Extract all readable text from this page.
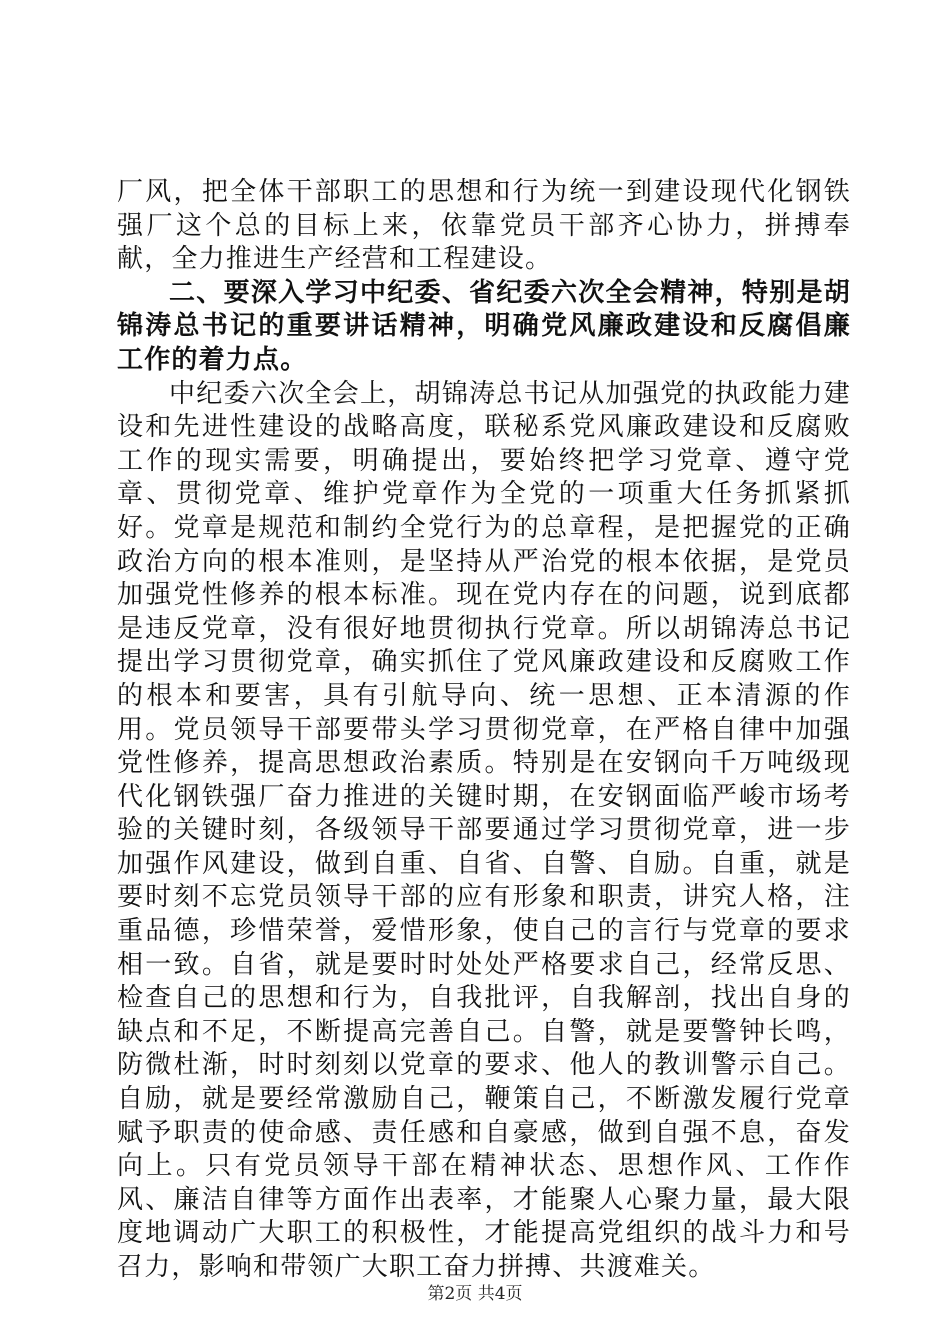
厂风，把全体干部职工的思想和行为统一到建设现代化钢铁强厂这个总的目标上来，依靠党员干部齐心协力，拼搏奉献，全力推进生产经营和工程建设。

二、要深入学习中纪委、省纪委六次全会精神，特别是胡锦涛总书记的重要讲话精神，明确党风廉政建设和反腐倡廉工作的着力点。

中纪委六次全会上，胡锦涛总书记从加强党的执政能力建设和先进性建设的战略高度，联秘系党风廉政建设和反腐败工作的现实需要，明确提出，要始终把学习党章、遵守党章、贯彻党章、维护党章作为全党的一项重大任务抓紧抓好。党章是规范和制约全党行为的总章程，是把握党的正确政治方向的根本准则，是坚持从严治党的根本依据，是党员加强党性修养的根本标准。现在党内存在的问题，说到底都是违反党章，没有很好地贯彻执行党章。所以胡锦涛总书记提出学习贯彻党章，确实抓住了党风廉政建设和反腐败工作的根本和要害，具有引航导向、统一思想、正本清源的作用。党员领导干部要带头学习贯彻党章，在严格自律中加强党性修养，提高思想政治素质。特别是在安钢向千万吨级现代化钢铁强厂奋力推进的关键时期，在安钢面临严峻市场考验的关键时刻，各级领导干部要通过学习贯彻党章，进一步加强作风建设，做到自重、自省、自警、自励。自重，就是要时刻不忘党员领导干部的应有形象和职责，讲究人格，注重品德，珍惜荣誉，爱惜形象，使自己的言行与党章的要求相一致。自省，就是要时时处处严格要求自己，经常反思、检查自己的思想和行为，自我批评，自我解剖，找出自身的缺点和不足，不断提高完善自己。自警，就是要警钟长鸣，防微杜渐，时时刻刻以党章的要求、他人的教训警示自己。自励，就是要经常激励自己，鞭策自己，不断激发履行党章赋予职责的使命感、责任感和自豪感，做到自强不息，奋发向上。只有党员领导干部在精神状态、思想作风、工作作风、廉洁自律等方面作出表率，才能聚人心聚力量，最大限度地调动广大职工的积极性，才能提高党组织的战斗力和号召力，影响和带领广大职工奋力拼搏、共渡难关。

第2页 共4页
